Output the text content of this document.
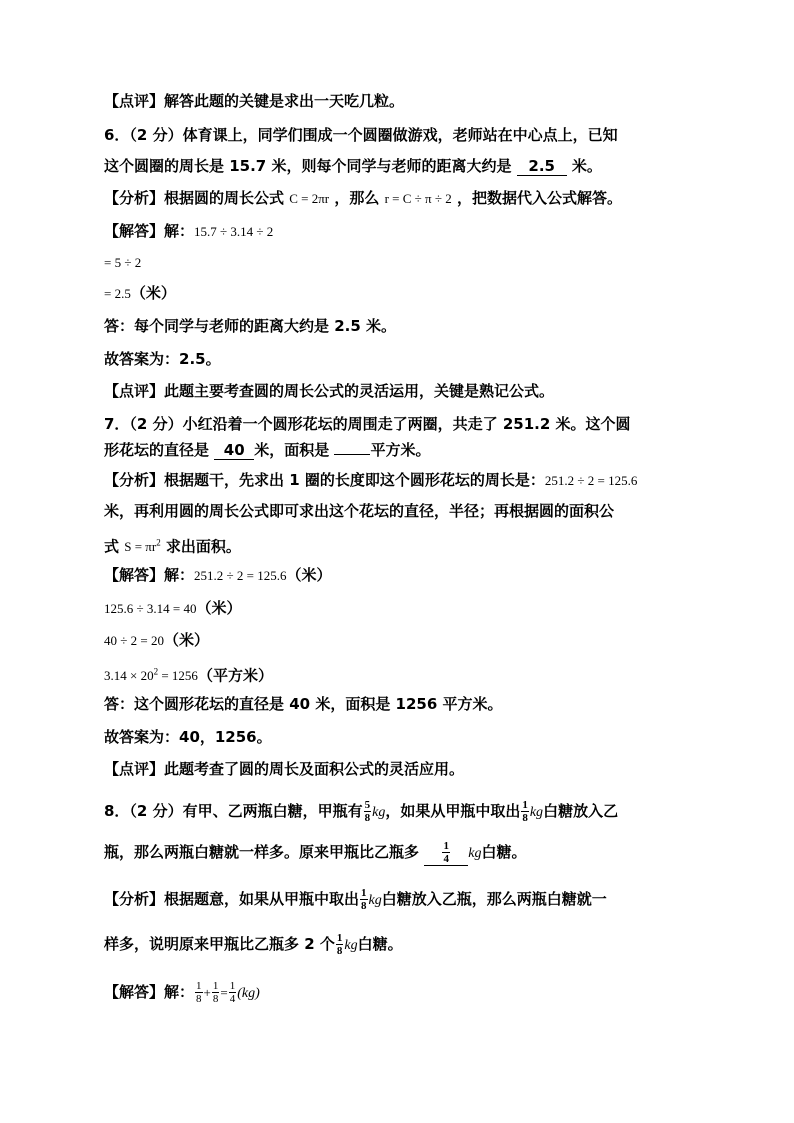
【点评】解答此题的关键是求出一天吃几粒。
6．（2 分）体育课上，同学们围成一个圆圈做游戏，老师站在中心点上，已知
这个圆圈的周长是 15.7 米，则每个同学与老师的距离大约是 2.5 米。
【分析】根据圆的周长公式 C = 2πr ，那么 r = C ÷ π ÷ 2 ，把数据代入公式解答。
【解答】解：15.7 ÷ 3.14 ÷ 2
= 5 ÷ 2
= 2.5（米）
答：每个同学与老师的距离大约是 2.5 米。
故答案为：2.5。
【点评】此题主要考查圆的周长公式的灵活运用，关键是熟记公式。
7．（2 分）小红沿着一个圆形花坛的周围走了两圈，共走了 251.2 米。这个圆
形花坛的直径是 40 米，面积是 平方米。
【分析】根据题干，先求出 1 圈的长度即这个圆形花坛的周长是：251.2 ÷ 2 = 125.6
米，再利用圆的周长公式即可求出这个花坛的直径，半径；再根据圆的面积公
式 $S = \pi r^2$ 求出面积。
【解答】解：251.2 ÷ 2 = 125.6（米）
125.6 ÷ 3.14 = 40（米）
40 ÷ 2 = 20（米）
$3.14 \times 20^2 = 1256$（平方米）
答：这个圆形花坛的直径是 40 米，面积是 1256 平方米。
故答案为：40，1256。
【点评】此题考查了圆的周长及面积公式的灵活应用。
8．（2 分）有甲、乙两瓶白糖，甲瓶有 $\frac{5}{8}$ kg，如果从甲瓶中取出 $\frac{1}{8}$ kg白糖放入乙
瓶，那么两瓶白糖就一样多。原来甲瓶比乙瓶多 $\frac{1}{4}$ kg白糖。
【分析】根据题意，如果从甲瓶中取出 $\frac{1}{8}$ kg白糖放入乙瓶，那么两瓶白糖就一
样多，说明原来甲瓶比乙瓶多 2 个 $\frac{1}{8}$ kg白糖。
【解答】解： $\frac{1}{8} + \frac{1}{8} = \frac{1}{4} (kg)$
